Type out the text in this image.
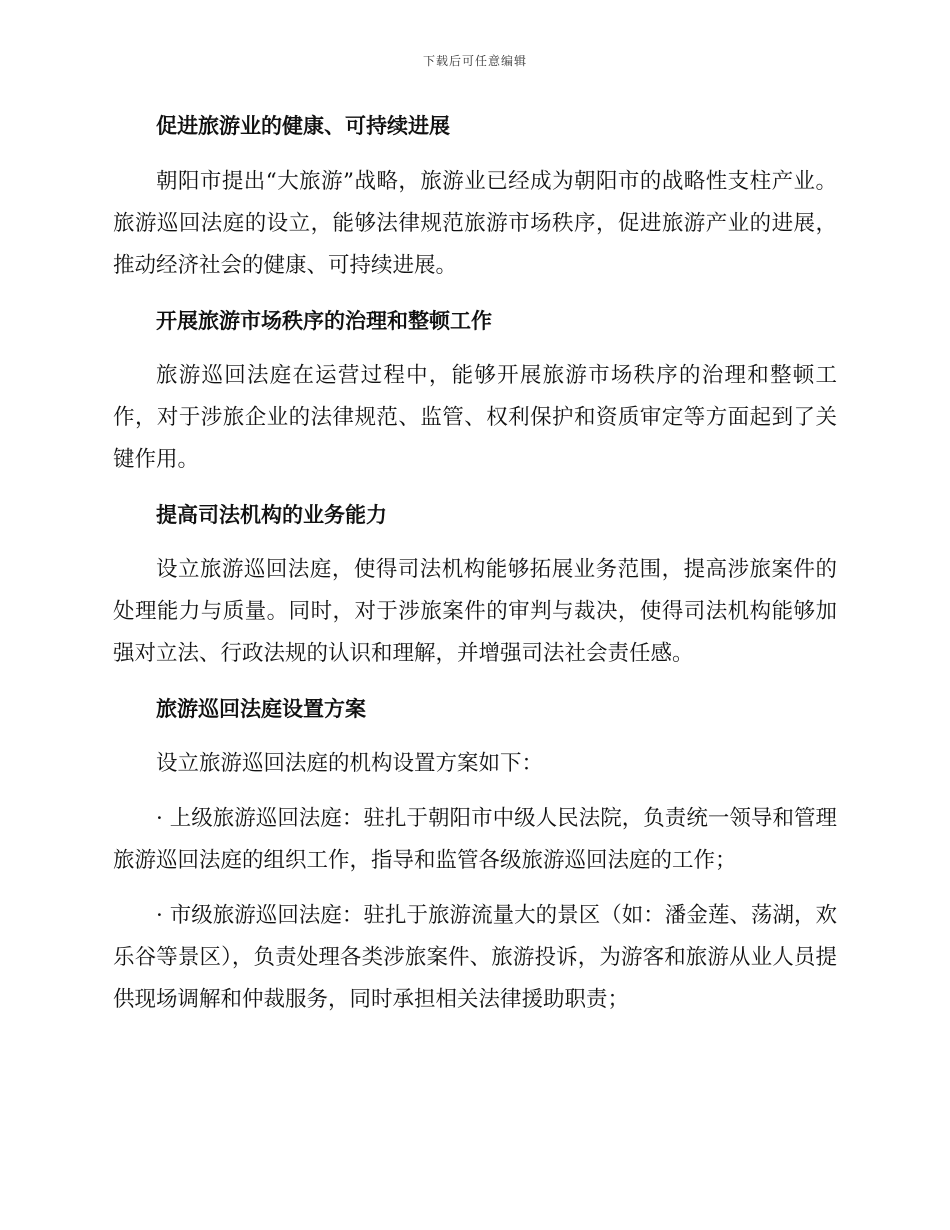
下载后可任意编辑
促进旅游业的健康、可持续进展

朝阳市提出“大旅游”战略，旅游业已经成为朝阳市的战略性支柱产业。旅游巡回法庭的设立，能够法律规范旅游市场秩序，促进旅游产业的进展，推动经济社会的健康、可持续进展。

开展旅游市场秩序的治理和整顿工作

旅游巡回法庭在运营过程中，能够开展旅游市场秩序的治理和整顿工作，对于涉旅企业的法律规范、监管、权利保护和资质审定等方面起到了关键作用。

提高司法机构的业务能力

设立旅游巡回法庭，使得司法机构能够拓展业务范围，提高涉旅案件的处理能力与质量。同时，对于涉旅案件的审判与裁决，使得司法机构能够加强对立法、行政法规的认识和理解，并增强司法社会责任感。

旅游巡回法庭设置方案

设立旅游巡回法庭的机构设置方案如下：

· 上级旅游巡回法庭：驻扎于朝阳市中级人民法院，负责统一领导和管理旅游巡回法庭的组织工作，指导和监管各级旅游巡回法庭的工作；

· 市级旅游巡回法庭：驻扎于旅游流量大的景区（如：潘金莲、荡湖，欢乐谷等景区），负责处理各类涉旅案件、旅游投诉，为游客和旅游从业人员提供现场调解和仲裁服务，同时承担相关法律援助职责；
